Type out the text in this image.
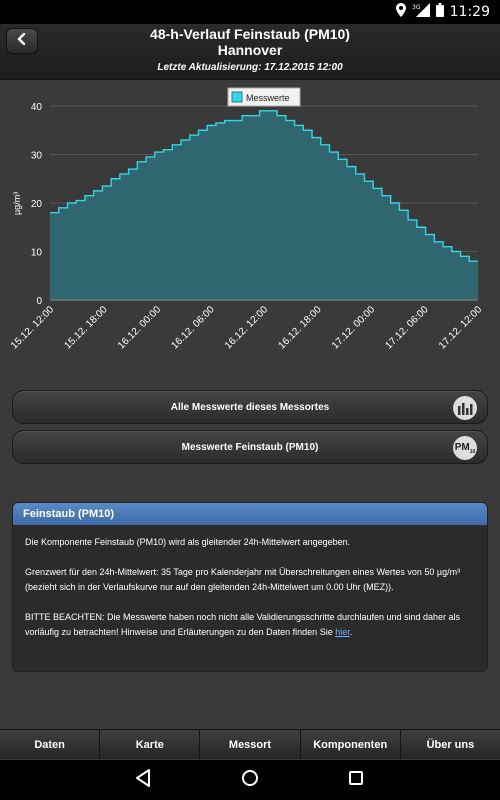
3G 11:29
48-h-Verlauf Feinstaub (PM10)
Hannover
Letzte Aktualisierung: 17.12.2015 12:00
0
10
20
30
40
µg/m³
15.12. 12:00 15.12. 18:00 16.12. 00:00 16.12. 06:00 16.12. 12:00 16.12. 18:00 17.12. 00:00 17.12. 06:00 17.12. 12:00
Messwerte
Alle Messwerte dieses Messortes
Messwerte Feinstaub (PM10)	$PM_{10}$
Feinstaub (PM10)

Die Komponente Feinstaub (PM10) wird als gleitender 24h-Mittelwert angegeben.

Grenzwert für den 24h-Mittelwert: 35 Tage pro Kalenderjahr mit Überschreitungen eines Wertes von 50 µg/m³ (bezieht sich in der Verlaufskurve nur auf den gleitenden 24h-Mittelwert um 0.00 Uhr (MEZ)).

BITTE BEACHTEN: Die Messwerte haben noch nicht alle Validierungsschritte durchlaufen und sind daher als vorläufig zu betrachten! Hinweise und Erläuterungen zu den Daten finden Sie hier.

Daten	Karte	Messort	Komponenten	Über uns
